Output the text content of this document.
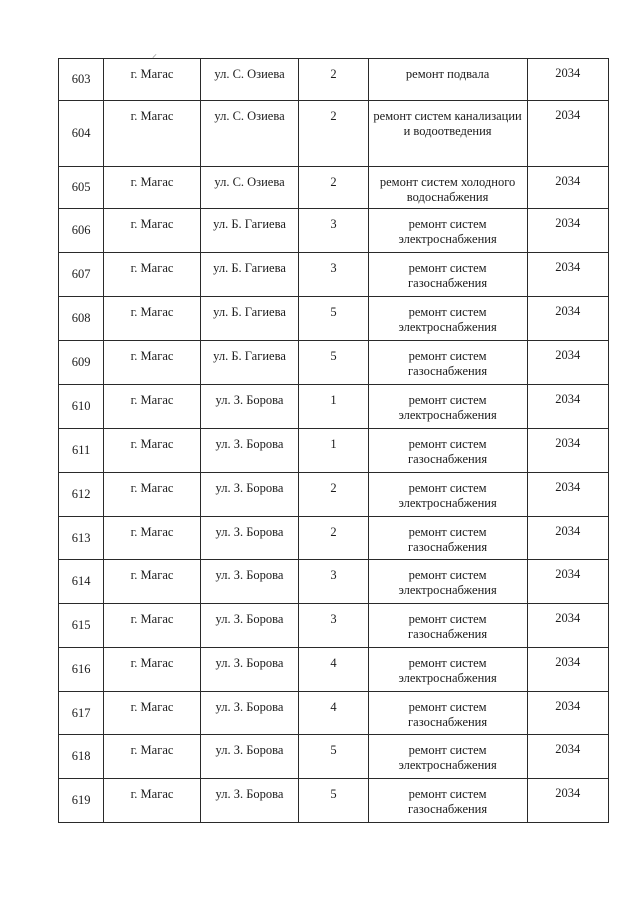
603	г. Магас	ул. С. Озиева	2	ремонт подвала	2034
604	г. Магас	ул. С. Озиева	2	ремонт систем канализации и водоотведения	2034
605	г. Магас	ул. С. Озиева	2	ремонт систем холодного водоснабжения	2034
606	г. Магас	ул. Б. Гагиева	3	ремонт систем электроснабжения	2034
607	г. Магас	ул. Б. Гагиева	3	ремонт систем газоснабжения	2034
608	г. Магас	ул. Б. Гагиева	5	ремонт систем электроснабжения	2034
609	г. Магас	ул. Б. Гагиева	5	ремонт систем газоснабжения	2034
610	г. Магас	ул. З. Борова	1	ремонт систем электроснабжения	2034
611	г. Магас	ул. З. Борова	1	ремонт систем газоснабжения	2034
612	г. Магас	ул. З. Борова	2	ремонт систем электроснабжения	2034
613	г. Магас	ул. З. Борова	2	ремонт систем газоснабжения	2034
614	г. Магас	ул. З. Борова	3	ремонт систем электроснабжения	2034
615	г. Магас	ул. З. Борова	3	ремонт систем газоснабжения	2034
616	г. Магас	ул. З. Борова	4	ремонт систем электроснабжения	2034
617	г. Магас	ул. З. Борова	4	ремонт систем газоснабжения	2034
618	г. Магас	ул. З. Борова	5	ремонт систем электроснабжения	2034
619	г. Магас	ул. З. Борова	5	ремонт систем газоснабжения	2034
⸝
